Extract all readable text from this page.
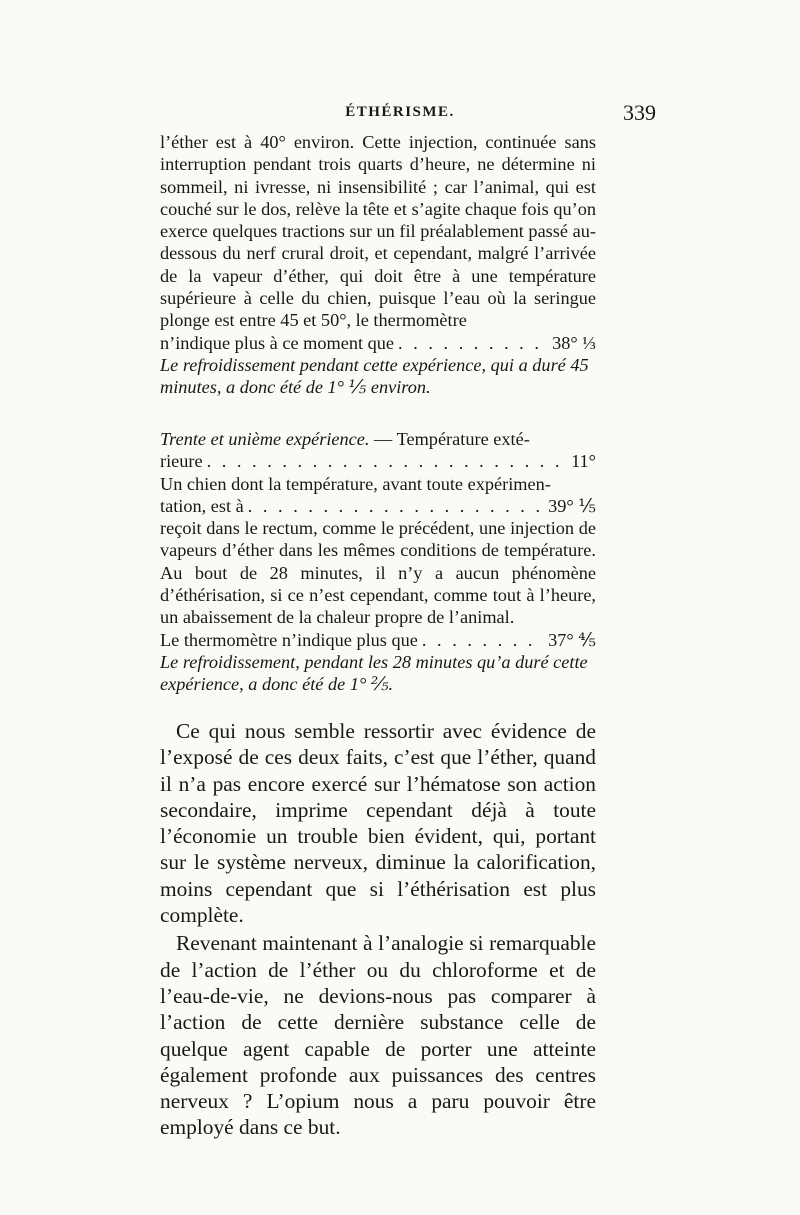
ÉTHÉRISME.	339

l’éther est à 40° environ. Cette injection, continuée sans interruption pendant trois quarts d’heure, ne détermine ni sommeil, ni ivresse, ni insensibilité ; car l’animal, qui est couché sur le dos, relève la tête et s’agite chaque fois qu’on exerce quelques tractions sur un fil préalablement passé au-dessous du nerf crural droit, et cependant, malgré l’arrivée de la vapeur d’éther, qui doit être à une température supérieure à celle du chien, puisque l’eau où la seringue plonge est entre 45 et 50°, le thermomètre

n’indique plus à ce moment que . . .	38° ⅓

Le refroidissement pendant cette expérience, qui a duré 45 minutes, a donc été de 1° ⅕ environ.

Trente et unième expérience. — Température exté-

rieure . . .	11°

Un chien dont la température, avant toute expérimen-

tation, est à . . .	39° ⅕

reçoit dans le rectum, comme le précédent, une injection de vapeurs d’éther dans les mêmes conditions de température. Au bout de 28 minutes, il n’y a aucun phénomène d’éthérisation, si ce n’est cependant, comme tout à l’heure, un abaissement de la chaleur propre de l’animal.

Le thermomètre n’indique plus que . . .	37° ⅘

Le refroidissement, pendant les 28 minutes qu’a duré cette expérience, a donc été de 1° ⅖.

Ce qui nous semble ressortir avec évidence de l’exposé de ces deux faits, c’est que l’éther, quand il n’a pas encore exercé sur l’hématose son action secondaire, imprime cependant déjà à toute l’économie un trouble bien évident, qui, portant sur le système nerveux, diminue la calorification, moins cependant que si l’éthérisation est plus complète.

Revenant maintenant à l’analogie si remarquable de l’action de l’éther ou du chloroforme et de l’eau-de-vie, ne devions-nous pas comparer à l’action de cette dernière substance celle de quelque agent capable de porter une atteinte également profonde aux puissances des centres nerveux ? L’opium nous a paru pouvoir être employé dans ce but.
